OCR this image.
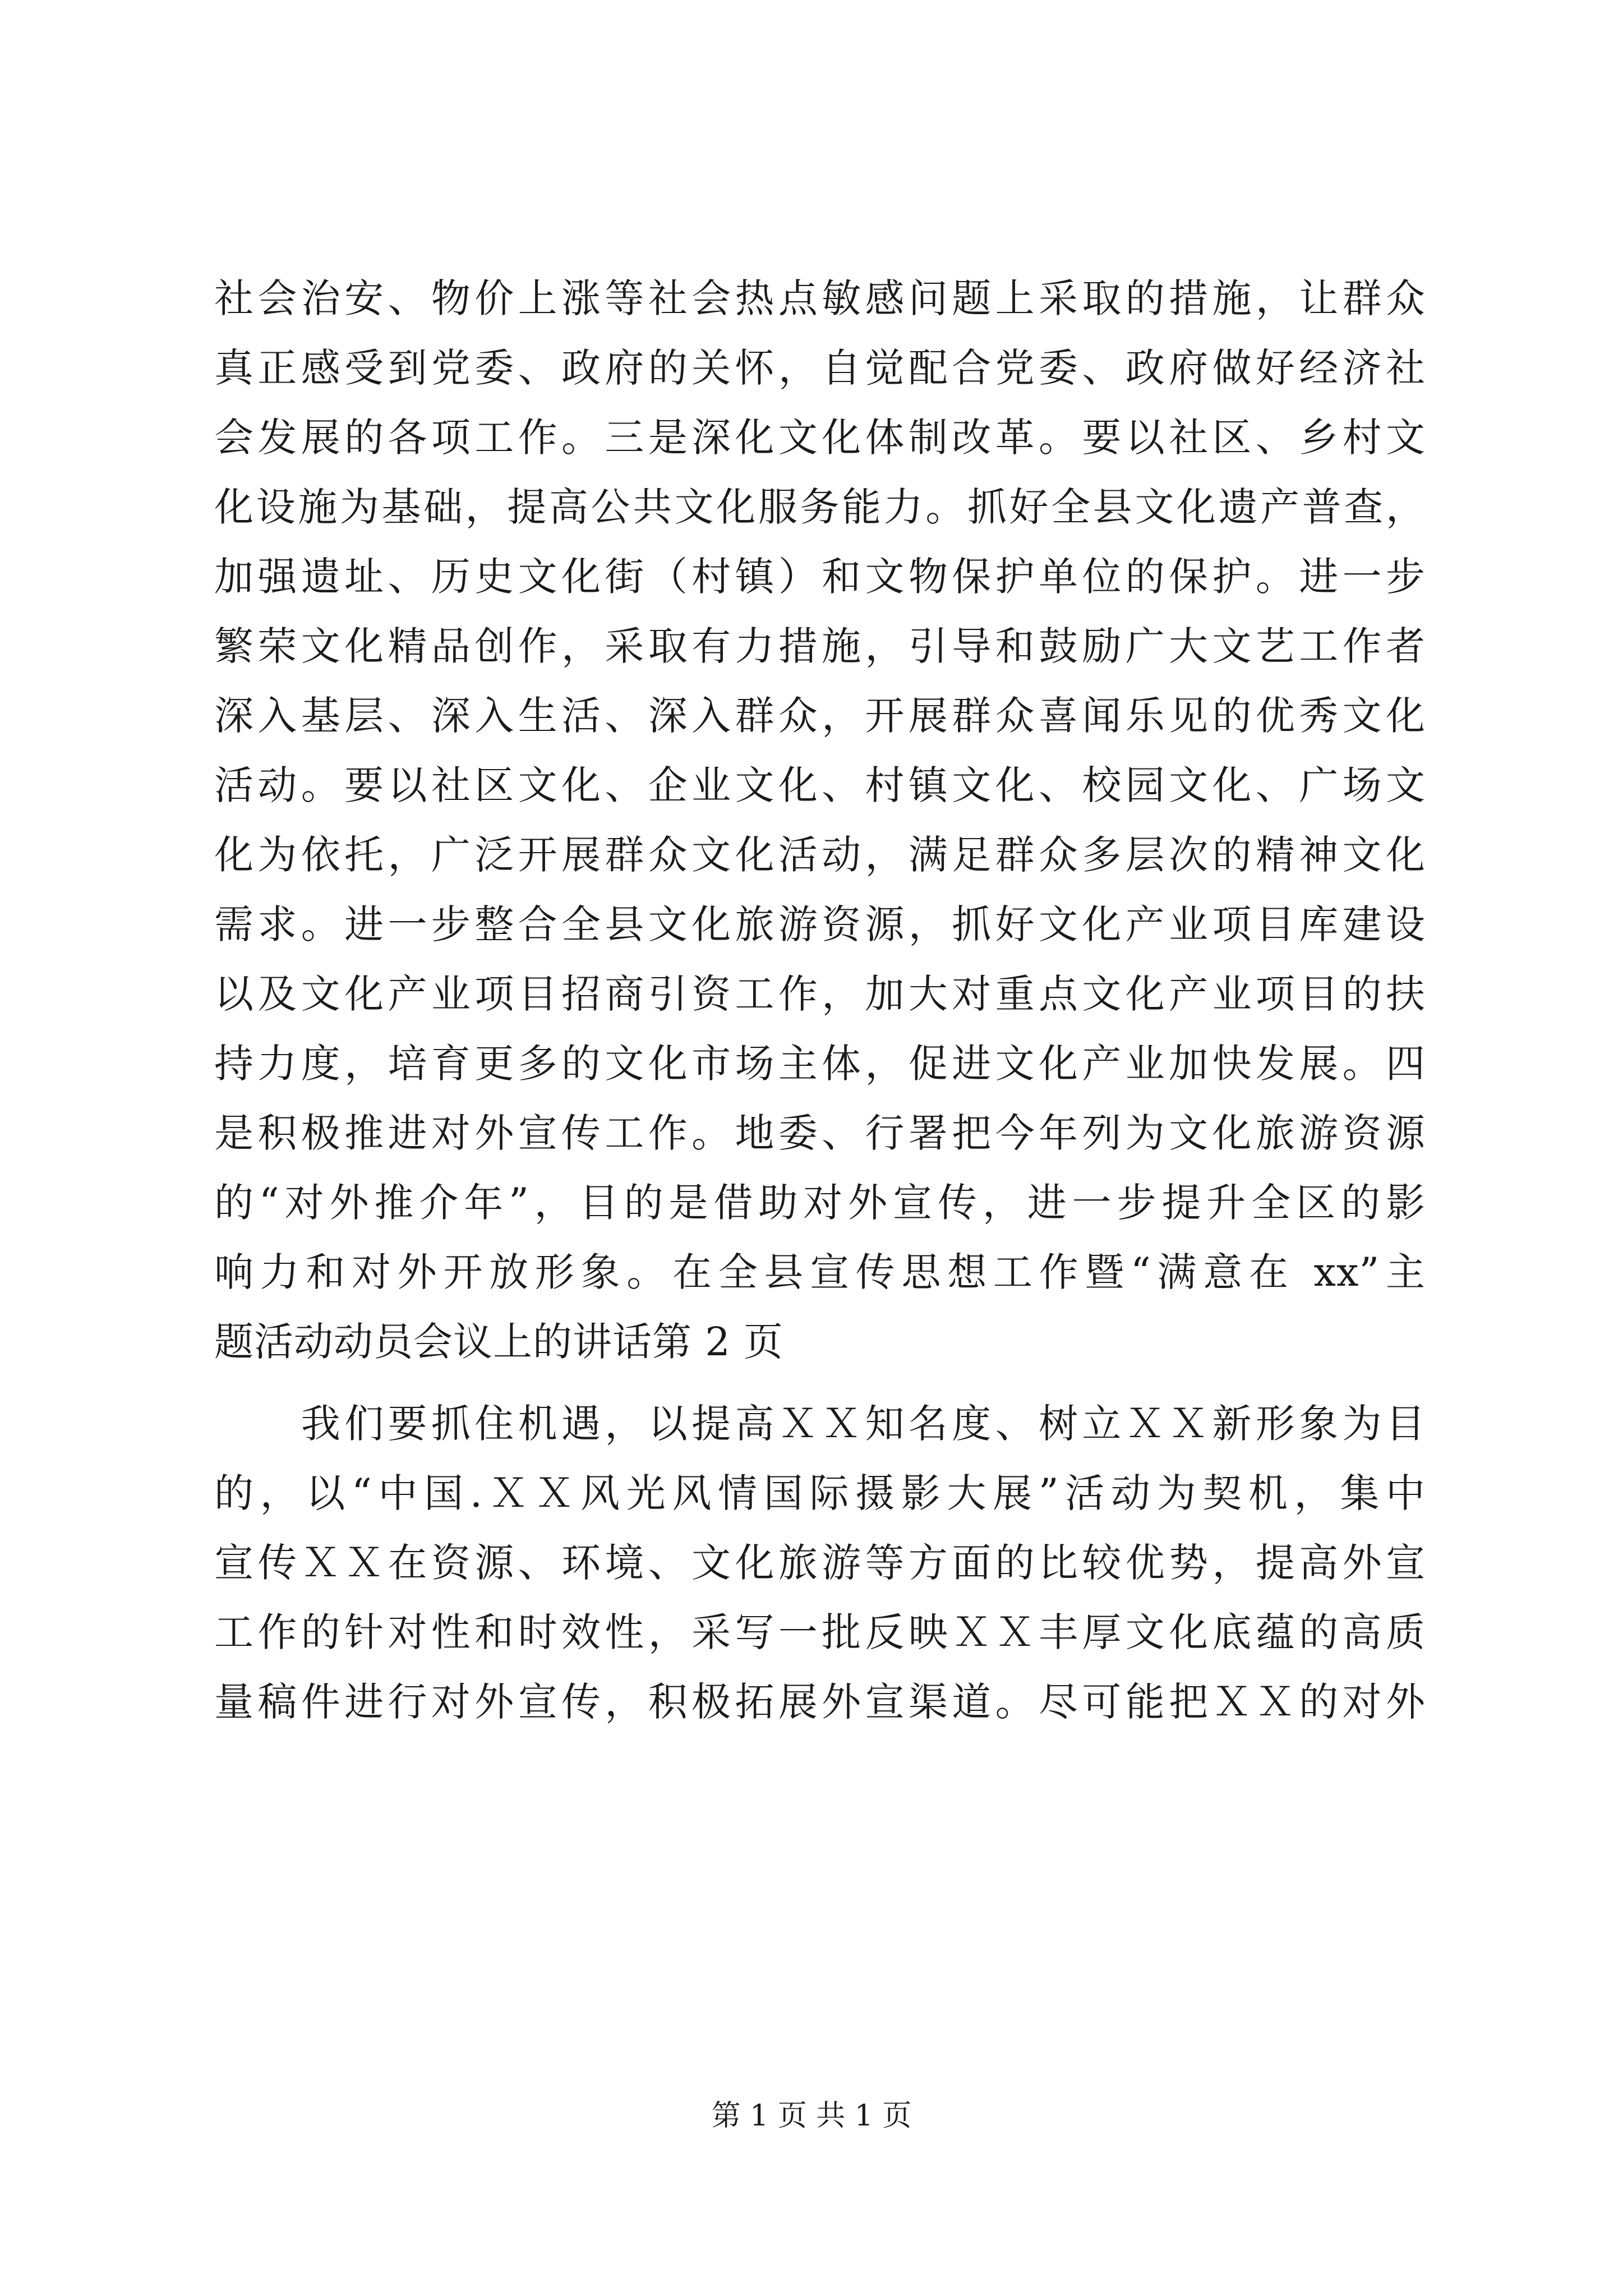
社会治安、物价上涨等社会热点敏感问题上采取的措施，让群众
真正感受到党委、政府的关怀，自觉配合党委、政府做好经济社
会发展的各项工作。三是深化文化体制改革。要以社区、乡村文
化设施为基础，提高公共文化服务能力。抓好全县文化遗产普查，
加强遗址、历史文化街（村镇）和文物保护单位的保护。进一步
繁荣文化精品创作，采取有力措施，引导和鼓励广大文艺工作者
深入基层、深入生活、深入群众，开展群众喜闻乐见的优秀文化
活动。要以社区文化、企业文化、村镇文化、校园文化、广场文
化为依托，广泛开展群众文化活动，满足群众多层次的精神文化
需求。进一步整合全县文化旅游资源，抓好文化产业项目库建设
以及文化产业项目招商引资工作，加大对重点文化产业项目的扶
持力度，培育更多的文化市场主体，促进文化产业加快发展。四
是积极推进对外宣传工作。地委、行署把今年列为文化旅游资源
的“对外推介年”，目的是借助对外宣传，进一步提升全区的影
响力和对外开放形象。在全县宣传思想工作暨“满意在 xx”主
题活动动员会议上的讲话第 2 页
　　我们要抓住机遇，以提高ＸＸ知名度、树立ＸＸ新形象为目
的，以“中国.ＸＸ风光风情国际摄影大展”活动为契机，集中
宣传ＸＸ在资源、环境、文化旅游等方面的比较优势，提高外宣
工作的针对性和时效性，采写一批反映ＸＸ丰厚文化底蕴的高质
量稿件进行对外宣传，积极拓展外宣渠道。尽可能把ＸＸ的对外
第 1 页 共 1 页
